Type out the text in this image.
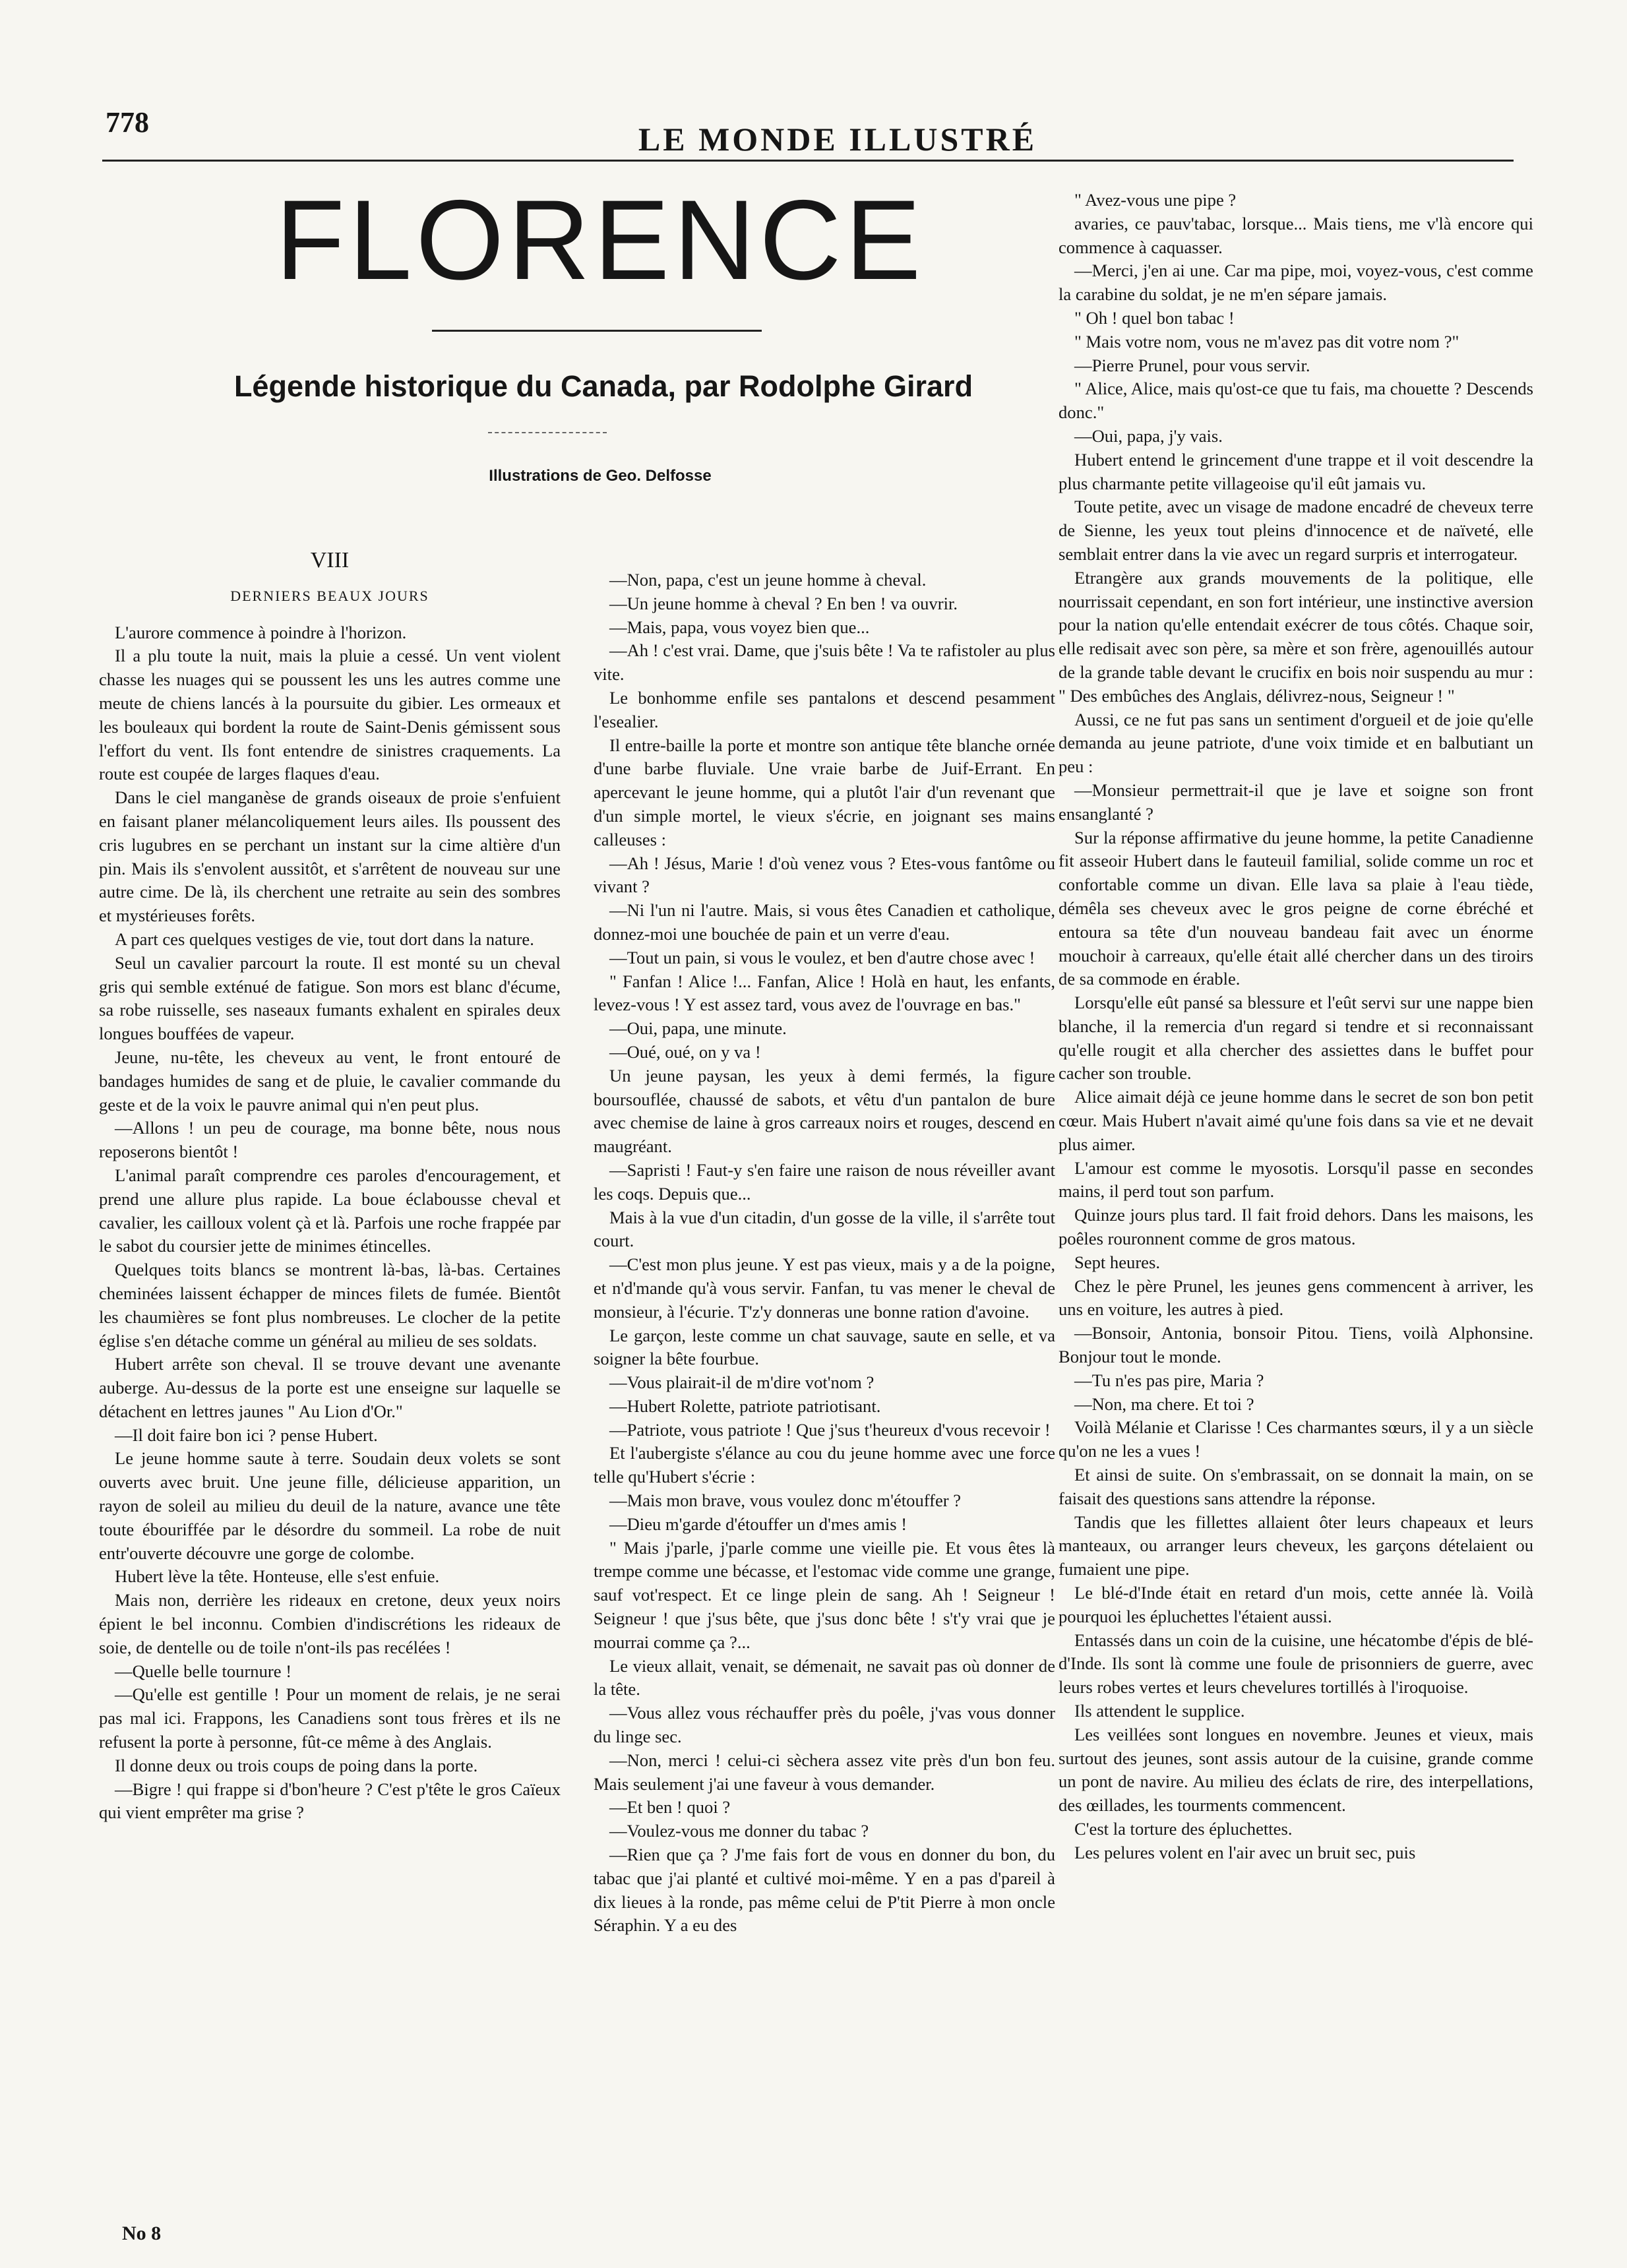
778	LE MONDE ILLUSTRÉ
FLORENCE
Légende historique du Canada, par Rodolphe Girard
Illustrations de Geo. Delfosse
VIII
DERNIERS BEAUX JOURS

L'aurore commence à poindre à l'horizon.

Il a plu toute la nuit, mais la pluie a cessé. Un vent violent chasse les nuages qui se poussent les uns les autres comme une meute de chiens lancés à la poursuite du gibier. Les ormeaux et les bouleaux qui bordent la route de Saint-Denis gémissent sous l'effort du vent. Ils font entendre de sinistres craquements. La route est coupée de larges flaques d'eau.

Dans le ciel manganèse de grands oiseaux de proie s'enfuient en faisant planer mélancoliquement leurs ailes. Ils poussent des cris lugubres en se perchant un instant sur la cime altière d'un pin. Mais ils s'envolent aussitôt, et s'arrêtent de nouveau sur une autre cime. De là, ils cherchent une retraite au sein des sombres et mystérieuses forêts.

A part ces quelques vestiges de vie, tout dort dans la nature.

Seul un cavalier parcourt la route. Il est monté su un cheval gris qui semble exténué de fatigue. Son mors est blanc d'écume, sa robe ruisselle, ses naseaux fumants exhalent en spirales deux longues bouffées de vapeur.

Jeune, nu-tête, les cheveux au vent, le front entouré de bandages humides de sang et de pluie, le cavalier commande du geste et de la voix le pauvre animal qui n'en peut plus.

—Allons ! un peu de courage, ma bonne bête, nous nous reposerons bientôt !

L'animal paraît comprendre ces paroles d'encouragement, et prend une allure plus rapide. La boue éclabousse cheval et cavalier, les cailloux volent çà et là. Parfois une roche frappée par le sabot du coursier jette de minimes étincelles.

Quelques toits blancs se montrent là-bas, là-bas. Certaines cheminées laissent échapper de minces filets de fumée. Bientôt les chaumières se font plus nombreuses. Le clocher de la petite église s'en détache comme un général au milieu de ses soldats.

Hubert arrête son cheval. Il se trouve devant une avenante auberge. Au-dessus de la porte est une enseigne sur laquelle se détachent en lettres jaunes " Au Lion d'Or."

—Il doit faire bon ici ? pense Hubert.

Le jeune homme saute à terre. Soudain deux volets se sont ouverts avec bruit. Une jeune fille, délicieuse apparition, un rayon de soleil au milieu du deuil de la nature, avance une tête toute ébouriffée par le désordre du sommeil. La robe de nuit entr'ouverte découvre une gorge de colombe.

Hubert lève la tête. Honteuse, elle s'est enfuie.

Mais non, derrière les rideaux en cretone, deux yeux noirs épient le bel inconnu. Combien d'indiscrétions les rideaux de soie, de dentelle ou de toile n'ont-ils pas recélées !

—Quelle belle tournure !

—Qu'elle est gentille ! Pour un moment de relais, je ne serai pas mal ici. Frappons, les Canadiens sont tous frères et ils ne refusent la porte à personne, fût-ce même à des Anglais.

Il donne deux ou trois coups de poing dans la porte.

—Bigre ! qui frappe si d'bon'heure ? C'est p'tête le gros Caïeux qui vient emprêter ma grise ?

—Non, papa, c'est un jeune homme à cheval.

—Un jeune homme à cheval ? En ben ! va ouvrir.

—Mais, papa, vous voyez bien que...

—Ah ! c'est vrai. Dame, que j'suis bête ! Va te rafistoler au plus vite.

Le bonhomme enfile ses pantalons et descend pesamment l'esealier.

Il entre-baille la porte et montre son antique tête blanche ornée d'une barbe fluviale. Une vraie barbe de Juif-Errant. En apercevant le jeune homme, qui a plutôt l'air d'un revenant que d'un simple mortel, le vieux s'écrie, en joignant ses mains calleuses :

—Ah ! Jésus, Marie ! d'où venez vous ? Etes-vous fantôme ou vivant ?

—Ni l'un ni l'autre. Mais, si vous êtes Canadien et catholique, donnez-moi une bouchée de pain et un verre d'eau.

—Tout un pain, si vous le voulez, et ben d'autre chose avec !

" Fanfan ! Alice !... Fanfan, Alice ! Holà en haut, les enfants, levez-vous ! Y est assez tard, vous avez de l'ouvrage en bas."

—Oui, papa, une minute.

—Oué, oué, on y va !

Un jeune paysan, les yeux à demi fermés, la figure boursouflée, chaussé de sabots, et vêtu d'un pantalon de bure avec chemise de laine à gros carreaux noirs et rouges, descend en maugréant.

—Sapristi ! Faut-y s'en faire une raison de nous réveiller avant les coqs. Depuis que...

Mais à la vue d'un citadin, d'un gosse de la ville, il s'arrête tout court.

—C'est mon plus jeune. Y est pas vieux, mais y a de la poigne, et n'd'mande qu'à vous servir. Fanfan, tu vas mener le cheval de monsieur, à l'écurie. T'z'y donneras une bonne ration d'avoine.

Le garçon, leste comme un chat sauvage, saute en selle, et va soigner la bête fourbue.

—Vous plairait-il de m'dire vot'nom ?

—Hubert Rolette, patriote patriotisant.

—Patriote, vous patriote ! Que j'sus t'heureux d'vous recevoir !

Et l'aubergiste s'élance au cou du jeune homme avec une force telle qu'Hubert s'écrie :

—Mais mon brave, vous voulez donc m'étouffer ?

—Dieu m'garde d'étouffer un d'mes amis !

" Mais j'parle, j'parle comme une vieille pie. Et vous êtes là trempe comme une bécasse, et l'estomac vide comme une grange, sauf vot'respect. Et ce linge plein de sang. Ah ! Seigneur ! Seigneur ! que j'sus bête, que j'sus donc bête ! s't'y vrai que je mourrai comme ça ?...

Le vieux allait, venait, se démenait, ne savait pas où donner de la tête.

—Vous allez vous réchauffer près du poêle, j'vas vous donner du linge sec.

—Non, merci ! celui-ci sèchera assez vite près d'un bon feu. Mais seulement j'ai une faveur à vous demander.

—Et ben ! quoi ?

—Voulez-vous me donner du tabac ?

—Rien que ça ? J'me fais fort de vous en donner du bon, du tabac que j'ai planté et cultivé moi-même. Y en a pas d'pareil à dix lieues à la ronde, pas même celui de P'tit Pierre à mon oncle Séraphin. Y a eu des

" Avez-vous une pipe ?

avaries, ce pauv'tabac, lorsque... Mais tiens, me v'là encore qui commence à caquasser.

—Merci, j'en ai une. Car ma pipe, moi, voyez-vous, c'est comme la carabine du soldat, je ne m'en sépare jamais.

" Oh ! quel bon tabac !

" Mais votre nom, vous ne m'avez pas dit votre nom ?"

—Pierre Prunel, pour vous servir.

" Alice, Alice, mais qu'ost-ce que tu fais, ma chouette ? Descends donc."

—Oui, papa, j'y vais.

Hubert entend le grincement d'une trappe et il voit descendre la plus charmante petite villageoise qu'il eût jamais vu.

Toute petite, avec un visage de madone encadré de cheveux terre de Sienne, les yeux tout pleins d'innocence et de naïveté, elle semblait entrer dans la vie avec un regard surpris et interrogateur.

Etrangère aux grands mouvements de la politique, elle nourrissait cependant, en son fort intérieur, une instinctive aversion pour la nation qu'elle entendait exécrer de tous côtés. Chaque soir, elle redisait avec son père, sa mère et son frère, agenouillés autour de la grande table devant le crucifix en bois noir suspendu au mur : " Des embûches des Anglais, délivrez-nous, Seigneur ! "

Aussi, ce ne fut pas sans un sentiment d'orgueil et de joie qu'elle demanda au jeune patriote, d'une voix timide et en balbutiant un peu :

—Monsieur permettrait-il que je lave et soigne son front ensanglanté ?

Sur la réponse affirmative du jeune homme, la petite Canadienne fit asseoir Hubert dans le fauteuil familial, solide comme un roc et confortable comme un divan. Elle lava sa plaie à l'eau tiède, démêla ses cheveux avec le gros peigne de corne ébréché et entoura sa tête d'un nouveau bandeau fait avec un énorme mouchoir à carreaux, qu'elle était allé chercher dans un des tiroirs de sa commode en érable.

Lorsqu'elle eût pansé sa blessure et l'eût servi sur une nappe bien blanche, il la remercia d'un regard si tendre et si reconnaissant qu'elle rougit et alla chercher des assiettes dans le buffet pour cacher son trouble.

Alice aimait déjà ce jeune homme dans le secret de son bon petit cœur. Mais Hubert n'avait aimé qu'une fois dans sa vie et ne devait plus aimer.

L'amour est comme le myosotis. Lorsqu'il passe en secondes mains, il perd tout son parfum.

Quinze jours plus tard. Il fait froid dehors. Dans les maisons, les poêles rouronnent comme de gros matous.

Sept heures.

Chez le père Prunel, les jeunes gens commencent à arriver, les uns en voiture, les autres à pied.

—Bonsoir, Antonia, bonsoir Pitou. Tiens, voilà Alphonsine. Bonjour tout le monde.

—Tu n'es pas pire, Maria ?

—Non, ma chere. Et toi ?

Voilà Mélanie et Clarisse ! Ces charmantes sœurs, il y a un siècle qu'on ne les a vues !

Et ainsi de suite. On s'embrassait, on se donnait la main, on se faisait des questions sans attendre la réponse.

Tandis que les fillettes allaient ôter leurs chapeaux et leurs manteaux, ou arranger leurs cheveux, les garçons dételaient ou fumaient une pipe.

Le blé-d'Inde était en retard d'un mois, cette année là. Voilà pourquoi les épluchettes l'étaient aussi.

Entassés dans un coin de la cuisine, une hécatombe d'épis de blé-d'Inde. Ils sont là comme une foule de prisonniers de guerre, avec leurs robes vertes et leurs chevelures tortillés à l'iroquoise.

Ils attendent le supplice.

Les veillées sont longues en novembre. Jeunes et vieux, mais surtout des jeunes, sont assis autour de la cuisine, grande comme un pont de navire. Au milieu des éclats de rire, des interpellations, des œillades, les tourments commencent.

C'est la torture des épluchettes.

Les pelures volent en l'air avec un bruit sec, puis

No 8
